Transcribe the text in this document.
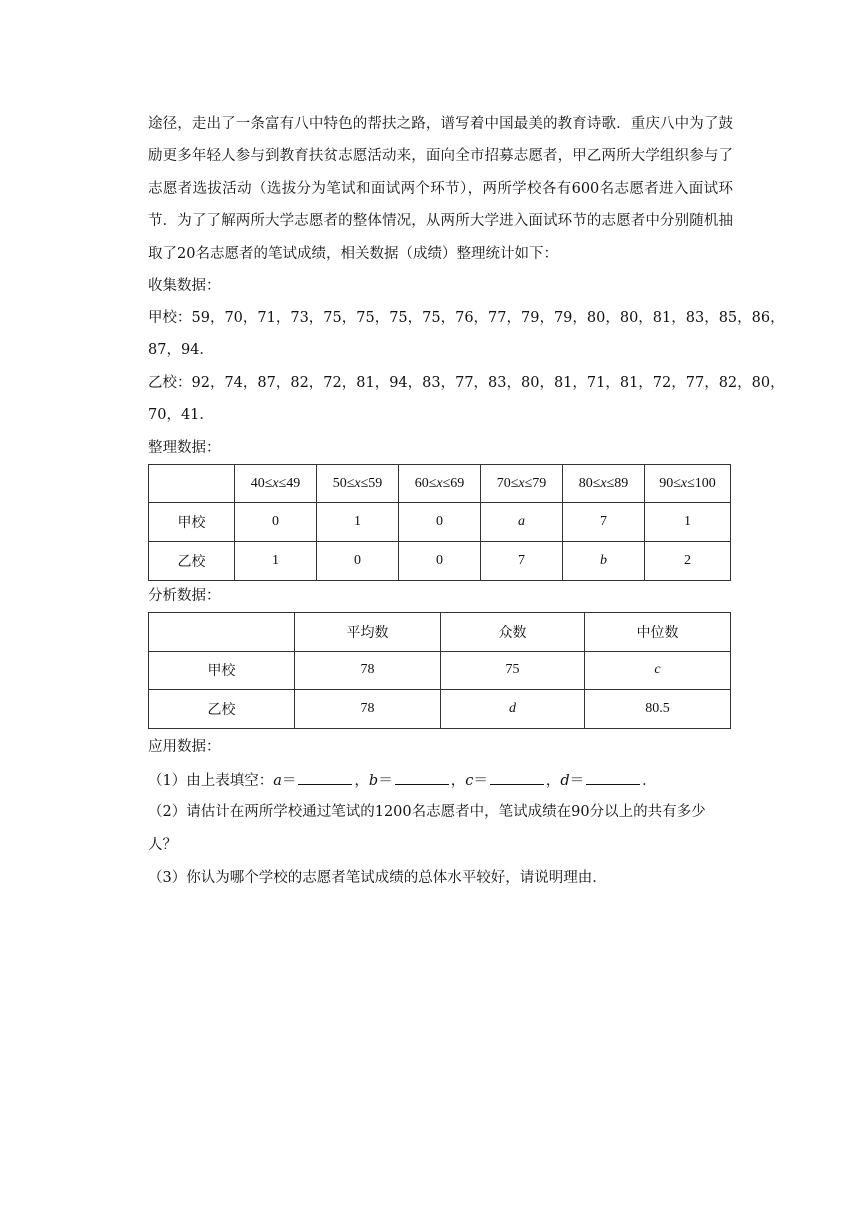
途径，走出了一条富有八中特色的帮扶之路，谱写着中国最美的教育诗歌．重庆八中为了鼓励更多年轻人参与到教育扶贫志愿活动来，面向全市招募志愿者，甲乙两所大学组织参与了志愿者选拔活动（选拔分为笔试和面试两个环节），两所学校各有600名志愿者进入面试环节．为了了解两所大学志愿者的整体情况，从两所大学进入面试环节的志愿者中分别随机抽取了20名志愿者的笔试成绩，相关数据（成绩）整理统计如下：

收集数据：

甲校：59，70，71，73，75，75，75，75，76，77，79，79，80，80，81，83，85，86，

87，94．

乙校：92，74，87，82，72，81，94，83，77，83，80，81，71，81，72，77，82，80，

70，41．

整理数据：

	40≤x≤49	50≤x≤59	60≤x≤69	70≤x≤79	80≤x≤89	90≤x≤100
甲校	0	1	0	a	7	1
乙校	1	0	0	7	b	2

分析数据：

	平均数	众数	中位数
甲校	78	75	c
乙校	78	d	80.5

应用数据：

（1）由上表填空：a＝	，b＝	，c＝	，d＝	．

（2）请估计在两所学校通过笔试的1200名志愿者中，笔试成绩在90分以上的共有多少人？

（3）你认为哪个学校的志愿者笔试成绩的总体水平较好，请说明理由．
